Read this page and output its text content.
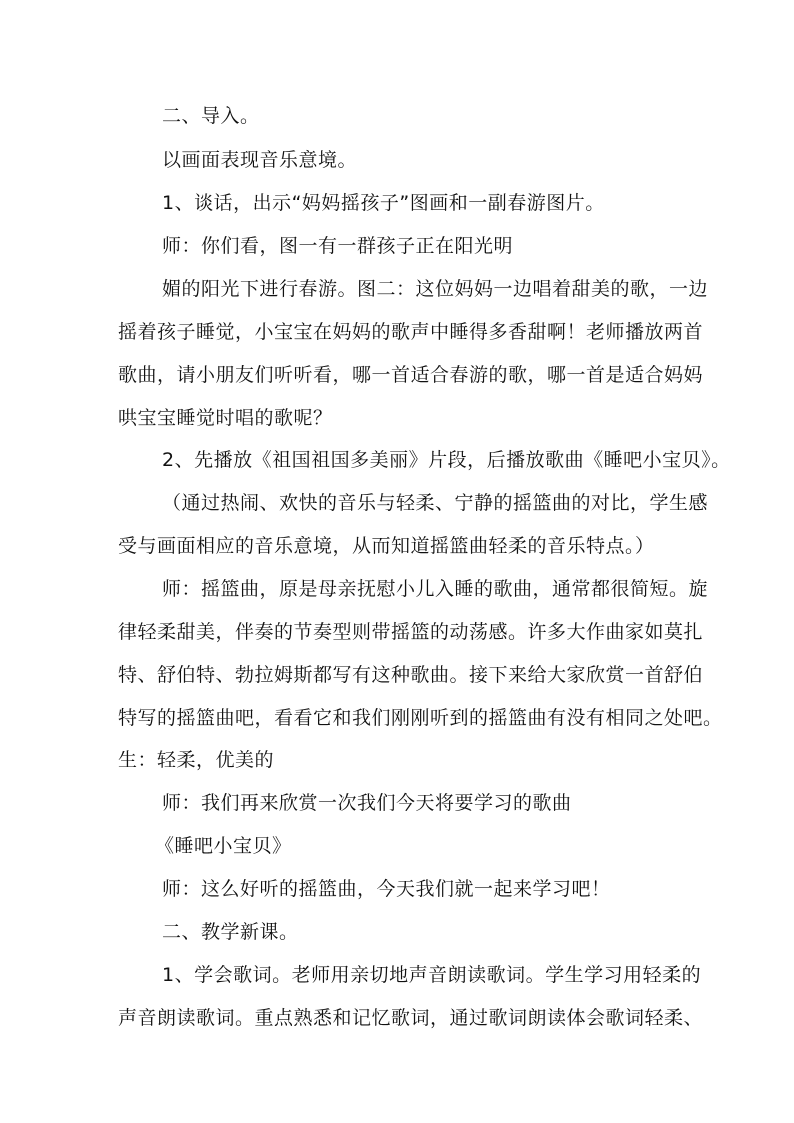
二、导入。
以画面表现音乐意境。
1、谈话，出示“妈妈摇孩子”图画和一副春游图片。
师：你们看，图一有一群孩子正在阳光明
媚的阳光下进行春游。图二：这位妈妈一边唱着甜美的歌，一边
摇着孩子睡觉，小宝宝在妈妈的歌声中睡得多香甜啊！老师播放两首
歌曲，请小朋友们听听看，哪一首适合春游的歌，哪一首是适合妈妈
哄宝宝睡觉时唱的歌呢？
2、先播放《祖国祖国多美丽》片段，后播放歌曲《睡吧小宝贝》。
（通过热闹、欢快的音乐与轻柔、宁静的摇篮曲的对比，学生感
受与画面相应的音乐意境，从而知道摇篮曲轻柔的音乐特点。）
师：摇篮曲，原是母亲抚慰小儿入睡的歌曲，通常都很简短。旋
律轻柔甜美，伴奏的节奏型则带摇篮的动荡感。许多大作曲家如莫扎
特、舒伯特、勃拉姆斯都写有这种歌曲。接下来给大家欣赏一首舒伯
特写的摇篮曲吧，看看它和我们刚刚听到的摇篮曲有没有相同之处吧。
生：轻柔，优美的
师：我们再来欣赏一次我们今天将要学习的歌曲
《睡吧小宝贝》
师：这么好听的摇篮曲，今天我们就一起来学习吧！
二、教学新课。
1、学会歌词。老师用亲切地声音朗读歌词。学生学习用轻柔的
声音朗读歌词。重点熟悉和记忆歌词，通过歌词朗读体会歌词轻柔、
